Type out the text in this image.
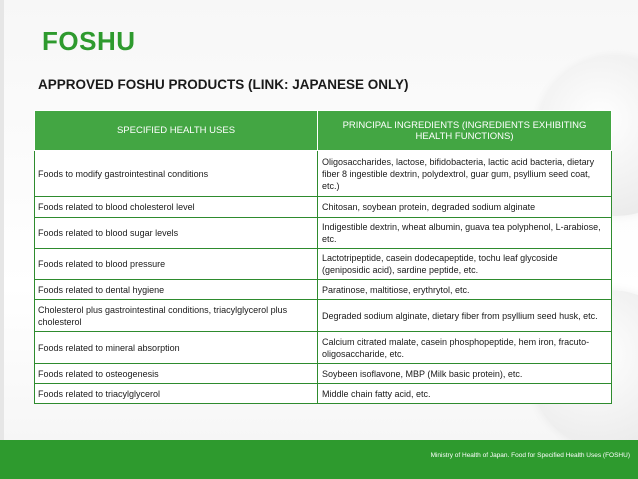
FOSHU
APPROVED FOSHU PRODUCTS (LINK: JAPANESE ONLY)
SPECIFIED HEALTH USES	PRINCIPAL INGREDIENTS (INGREDIENTS EXHIBITING HEALTH FUNCTIONS)
Foods to modify gastrointestinal conditions	Oligosaccharides, lactose, bifidobacteria, lactic acid bacteria, dietary fiber 8 ingestible dextrin, polydextrol, guar gum, psyllium seed coat, etc.)
Foods related to blood cholesterol level	Chitosan, soybean protein, degraded sodium alginate
Foods related to blood sugar levels	Indigestible dextrin, wheat albumin, guava tea polyphenol, L-arabiose, etc.
Foods related to blood pressure	Lactotripeptide, casein dodecapeptide, tochu leaf glycoside (geniposidic acid), sardine peptide, etc.
Foods related to dental hygiene	Paratinose, maltitiose, erythrytol, etc.
Cholesterol plus gastrointestinal conditions, triacylglycerol plus cholesterol	Degraded sodium alginate, dietary fiber from psyllium seed husk, etc.
Foods related to mineral absorption	Calcium citrated malate, casein phosphopeptide, hem iron, fracuto-oligosaccharide, etc.
Foods related to osteogenesis	Soybeen isoflavone, MBP (Milk basic protein), etc.
Foods related to triacylglycerol	Middle chain fatty acid, etc.
Ministry of Health of Japan. Food for Specified Health Uses (FOSHU)
